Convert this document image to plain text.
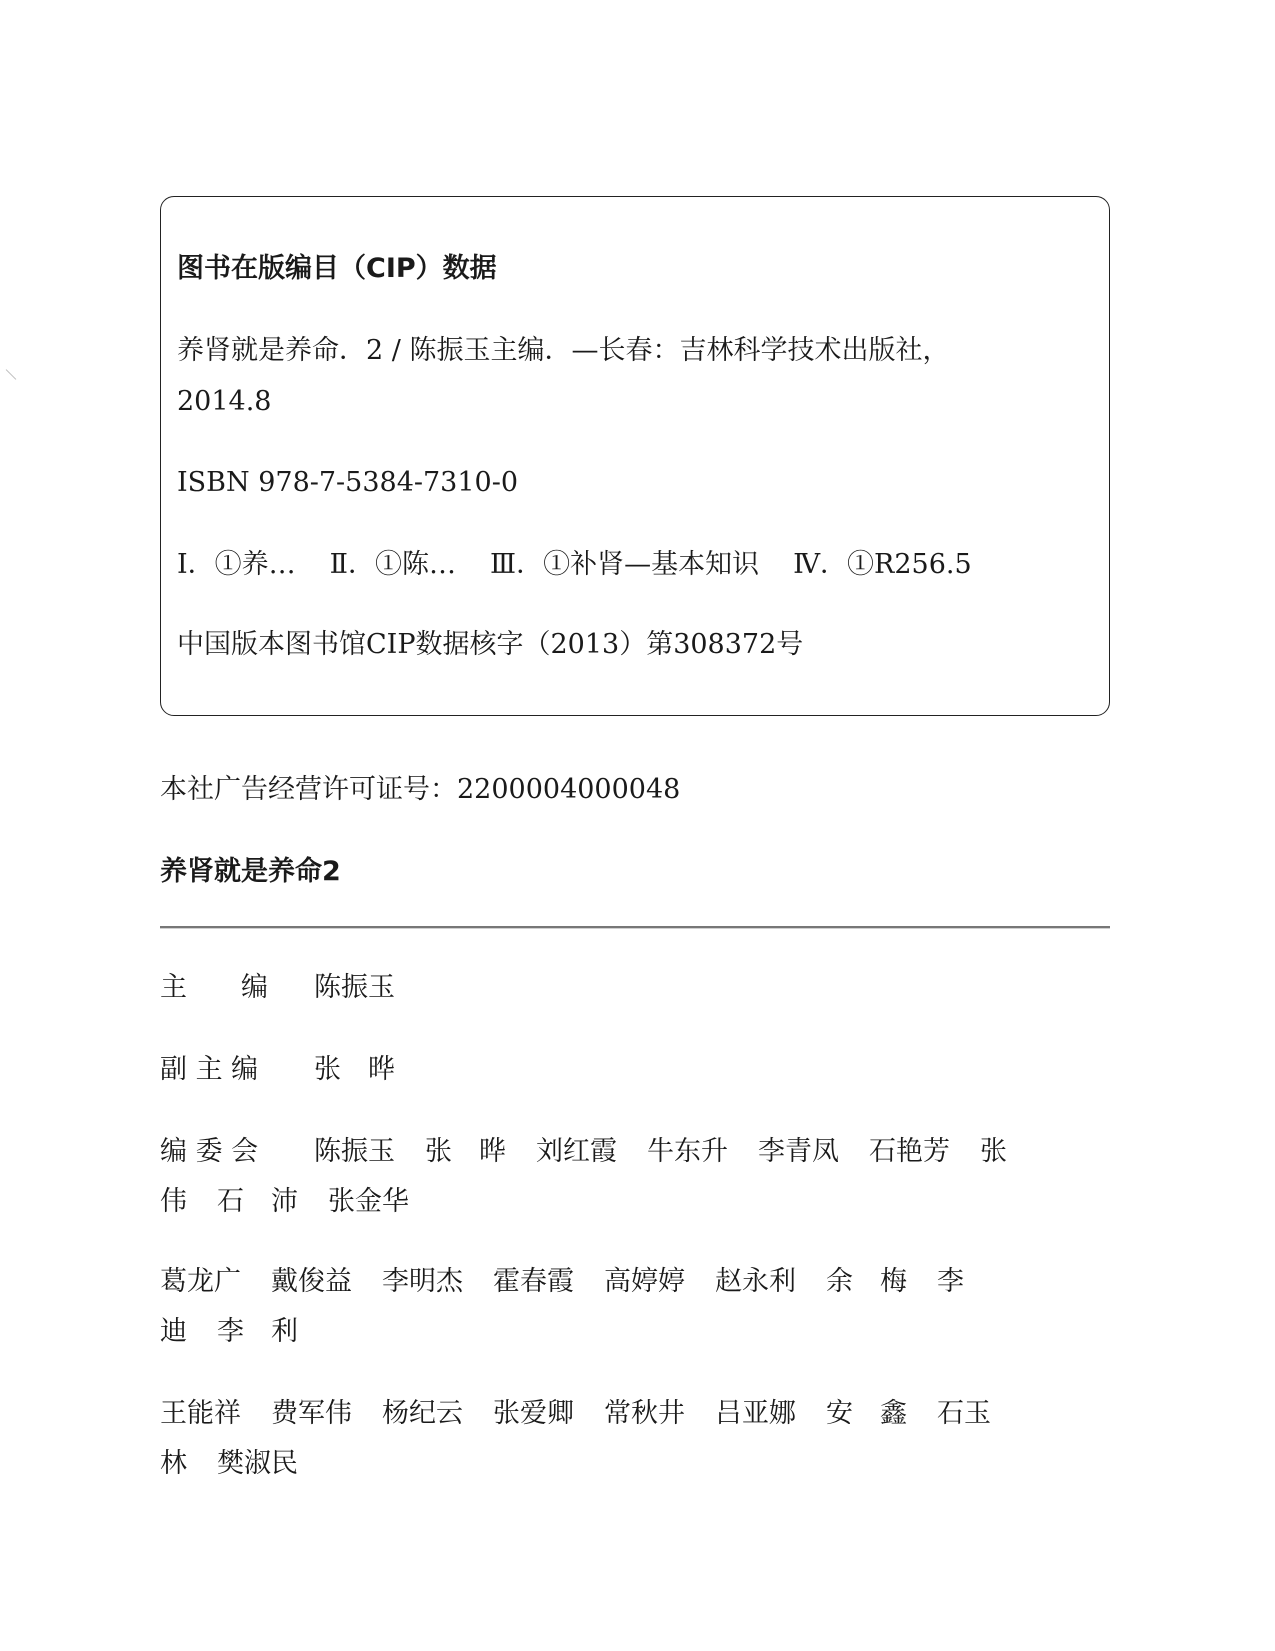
图书在版编目（CIP）数据

养肾就是养命．2 / 陈振玉主编．—长春：吉林科学技术出版社，

2014.8

ISBN 978-7-5384-7310-0

Ⅰ．①养… Ⅱ．①陈… Ⅲ．①补肾—基本知识 Ⅳ．①R256.5

中国版本图书馆CIP数据核字（2013）第308372号

本社广告经营许可证号：2200004000048

养肾就是养命2

主　　编 陈振玉

副 主 编 张　晔

编 委 会 陈振玉 张　晔 刘红霞 牛东升 李青凤 石艳芳 张
伟 石　沛 张金华
葛龙广 戴俊益 李明杰 霍春霞 高婷婷 赵永利 余　梅 李
迪 李　利
王能祥 费军伟 杨纪云 张爱卿 常秋井 吕亚娜 安　鑫 石玉
林 樊淑民
